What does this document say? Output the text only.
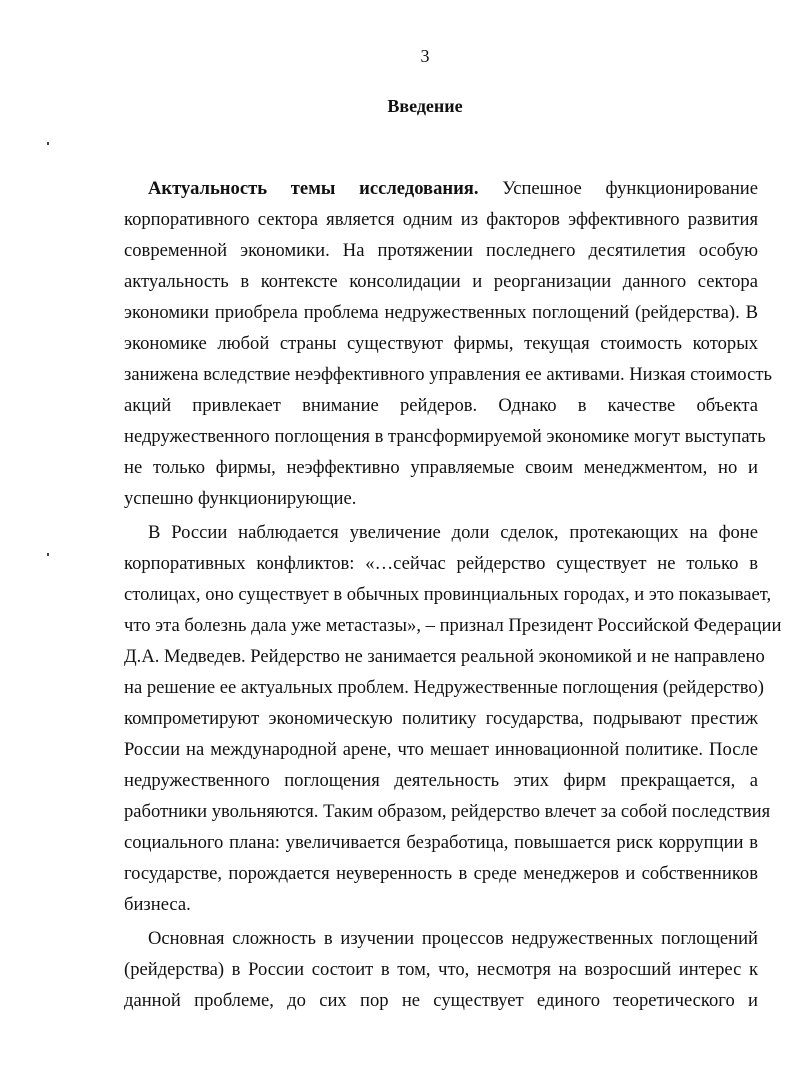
3
Введение
Актуальность темы исследования. Успешное функционирование
корпоративного сектора является одним из факторов эффективного развития
современной экономики. На протяжении последнего десятилетия особую
актуальность в контексте консолидации и реорганизации данного сектора
экономики приобрела проблема недружественных поглощений (рейдерства). В
экономике любой страны существуют фирмы, текущая стоимость которых
занижена вследствие неэффективного управления ее активами. Низкая стоимость
акций привлекает внимание рейдеров. Однако в качестве объекта
недружественного поглощения в трансформируемой экономике могут выступать
не только фирмы, неэффективно управляемые своим менеджментом, но и
успешно функционирующие.
В России наблюдается увеличение доли сделок, протекающих на фоне
корпоративных конфликтов: «…сейчас рейдерство существует не только в
столицах, оно существует в обычных провинциальных городах, и это показывает,
что эта болезнь дала уже метастазы», – признал Президент Российской Федерации
Д.А. Медведев. Рейдерство не занимается реальной экономикой и не направлено
на решение ее актуальных проблем. Недружественные поглощения (рейдерство)
компрометируют экономическую политику государства, подрывают престиж
России на международной арене, что мешает инновационной политике. После
недружественного поглощения деятельность этих фирм прекращается, а
работники увольняются. Таким образом, рейдерство влечет за собой последствия
социального плана: увеличивается безработица, повышается риск коррупции в
государстве, порождается неуверенность в среде менеджеров и собственников
бизнеса.
Основная сложность в изучении процессов недружественных поглощений
(рейдерства) в России состоит в том, что, несмотря на возросший интерес к
данной проблеме, до сих пор не существует единого теоретического и
